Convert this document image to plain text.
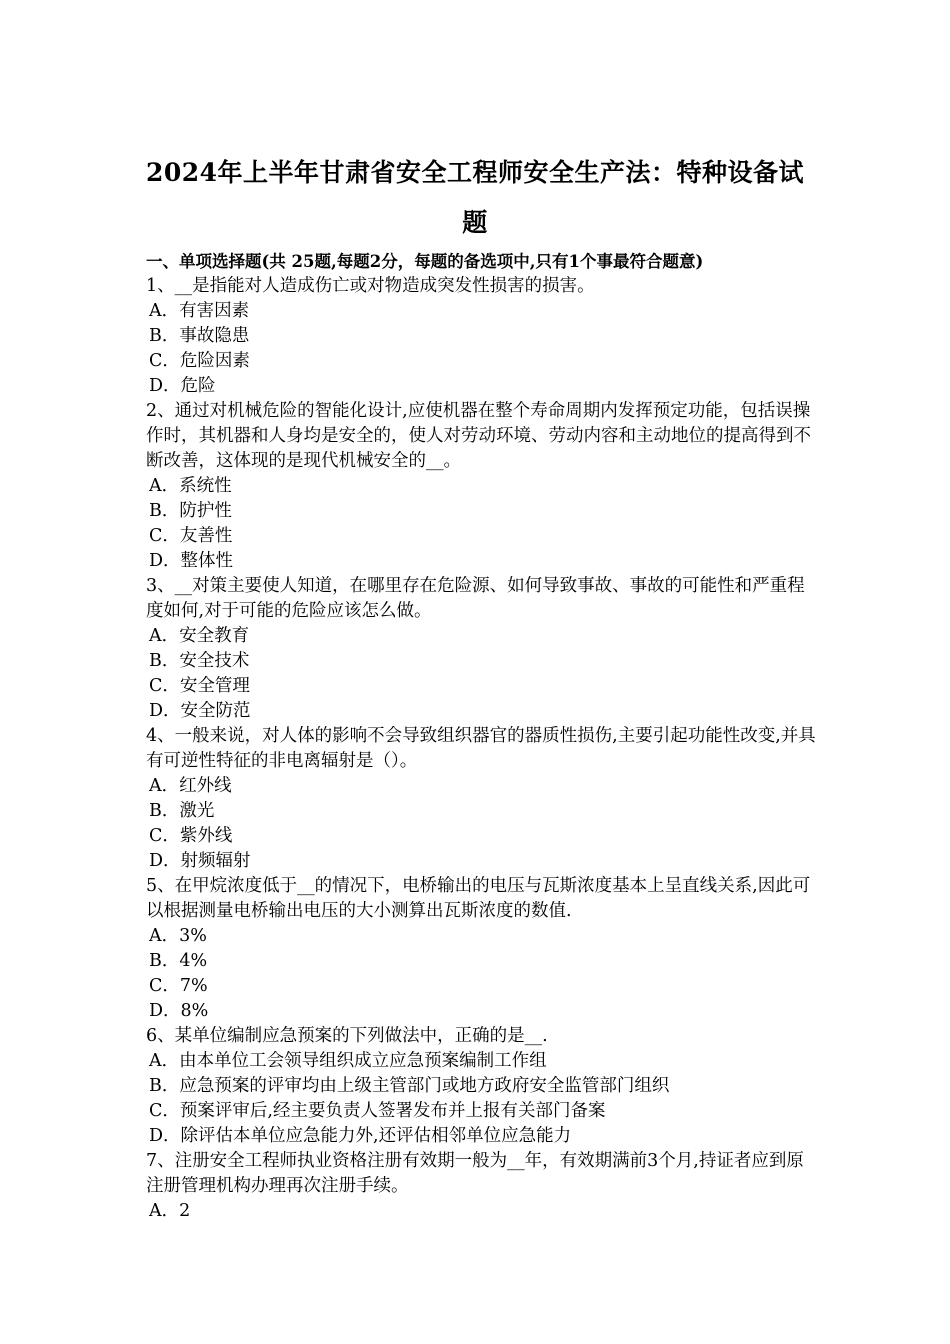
2024年上半年甘肃省安全工程师安全生产法：特种设备试
题
一、单项选择题(共 25题,每题2分，每题的备选项中,只有1个事最符合题意)

1、__是指能对人造成伤亡或对物造成突发性损害的损害。

A．有害因素
B．事故隐患
C．危险因素
D．危险

2、通过对机械危险的智能化设计,应使机器在整个寿命周期内发挥预定功能，包括误操作时，其机器和人身均是安全的，使人对劳动环境、劳动内容和主动地位的提高得到不断改善，这体现的是现代机械安全的__。

A．系统性
B．防护性
C．友善性
D．整体性

3、__对策主要使人知道，在哪里存在危险源、如何导致事故、事故的可能性和严重程度如何,对于可能的危险应该怎么做。

A．安全教育
B．安全技术
C．安全管理
D．安全防范

4、一般来说，对人体的影响不会导致组织器官的器质性损伤,主要引起功能性改变,并具有可逆性特征的非电离辐射是（）。

A．红外线
B．激光
C．紫外线
D．射频辐射

5、在甲烷浓度低于__的情况下，电桥输出的电压与瓦斯浓度基本上呈直线关系,因此可以根据测量电桥输出电压的大小测算出瓦斯浓度的数值.

A．3%
B．4%
C．7%
D．8%

6、某单位编制应急预案的下列做法中，正确的是__.

A．由本单位工会领导组织成立应急预案编制工作组
B．应急预案的评审均由上级主管部门或地方政府安全监管部门组织
C．预案评审后,经主要负责人签署发布并上报有关部门备案
D．除评估本单位应急能力外,还评估相邻单位应急能力

7、注册安全工程师执业资格注册有效期一般为__年，有效期满前3个月,持证者应到原注册管理机构办理再次注册手续。

A．2
